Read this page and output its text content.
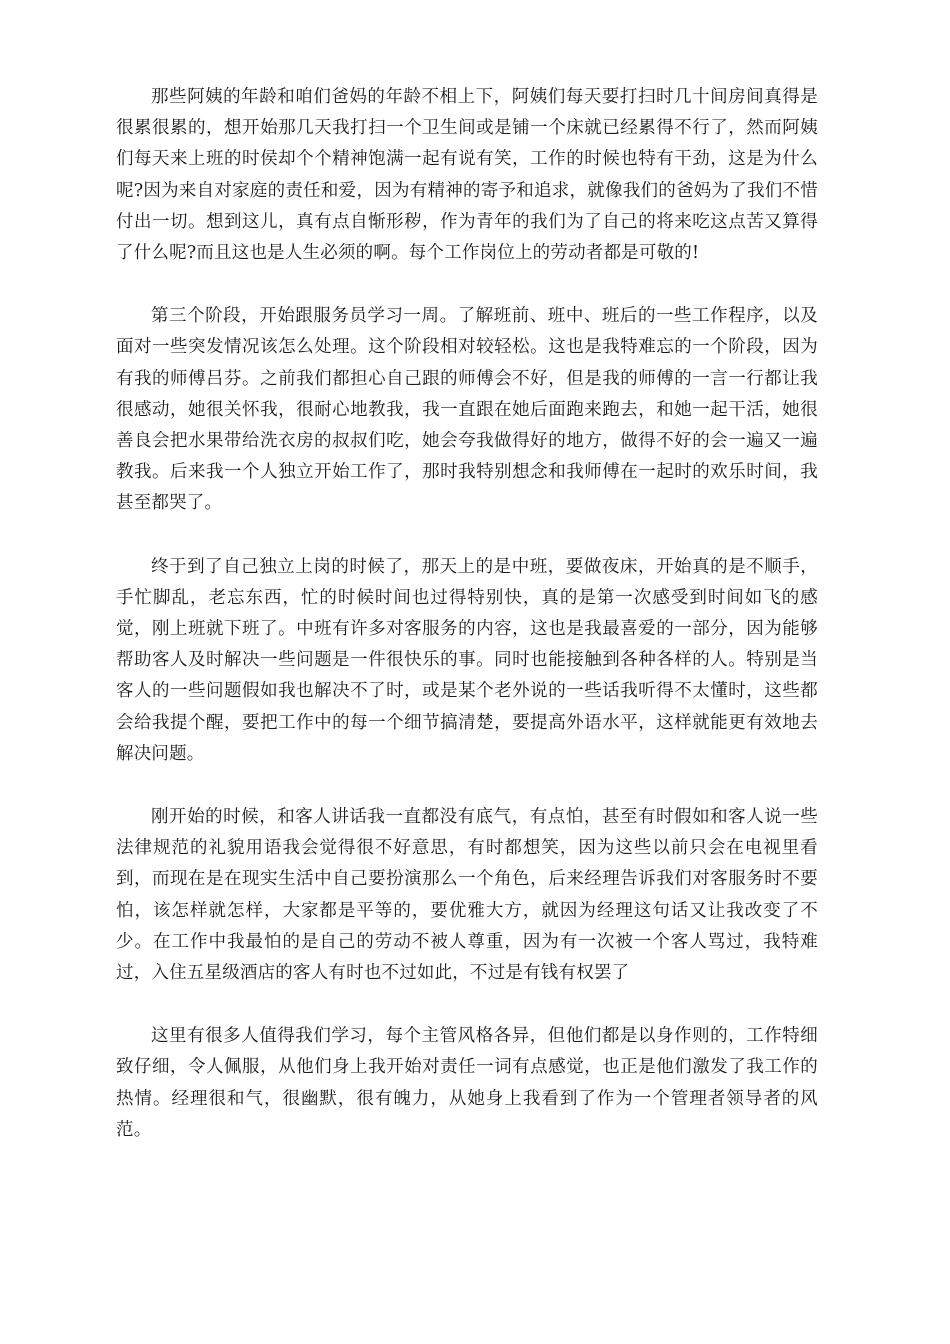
那些阿姨的年龄和咱们爸妈的年龄不相上下，阿姨们每天要打扫时几十间房间真得是很累很累的，想开始那几天我打扫一个卫生间或是铺一个床就已经累得不行了，然而阿姨们每天来上班的时侯却个个精神饱满一起有说有笑，工作的时候也特有干劲，这是为什么呢?因为来自对家庭的责任和爱，因为有精神的寄予和追求，就像我们的爸妈为了我们不惜付出一切。想到这儿，真有点自惭形秽，作为青年的我们为了自己的将来吃这点苦又算得了什么呢?而且这也是人生必须的啊。每个工作岗位上的劳动者都是可敬的!

第三个阶段，开始跟服务员学习一周。了解班前、班中、班后的一些工作程序，以及面对一些突发情况该怎么处理。这个阶段相对较轻松。这也是我特难忘的一个阶段，因为有我的师傅吕芬。之前我们都担心自己跟的师傅会不好，但是我的师傅的一言一行都让我很感动，她很关怀我，很耐心地教我，我一直跟在她后面跑来跑去，和她一起干活，她很善良会把水果带给洗衣房的叔叔们吃，她会夸我做得好的地方，做得不好的会一遍又一遍教我。后来我一个人独立开始工作了，那时我特别想念和我师傅在一起时的欢乐时间，我甚至都哭了。

终于到了自己独立上岗的时候了，那天上的是中班，要做夜床，开始真的是不顺手，手忙脚乱，老忘东西，忙的时候时间也过得特别快，真的是第一次感受到时间如飞的感觉，刚上班就下班了。中班有许多对客服务的内容，这也是我最喜爱的一部分，因为能够帮助客人及时解决一些问题是一件很快乐的事。同时也能接触到各种各样的人。特别是当客人的一些问题假如我也解决不了时，或是某个老外说的一些话我听得不太懂时，这些都会给我提个醒，要把工作中的每一个细节搞清楚，要提高外语水平，这样就能更有效地去解决问题。

刚开始的时候，和客人讲话我一直都没有底气，有点怕，甚至有时假如和客人说一些法律规范的礼貌用语我会觉得很不好意思，有时都想笑，因为这些以前只会在电视里看到，而现在是在现实生活中自己要扮演那么一个角色，后来经理告诉我们对客服务时不要怕，该怎样就怎样，大家都是平等的，要优雅大方，就因为经理这句话又让我改变了不少。在工作中我最怕的是自己的劳动不被人尊重，因为有一次被一个客人骂过，我特难过，入住五星级酒店的客人有时也不过如此，不过是有钱有权罢了

这里有很多人值得我们学习，每个主管风格各异，但他们都是以身作则的，工作特细致仔细，令人佩服，从他们身上我开始对责任一词有点感觉，也正是他们激发了我工作的热情。经理很和气，很幽默，很有魄力，从她身上我看到了作为一个管理者领导者的风范。
